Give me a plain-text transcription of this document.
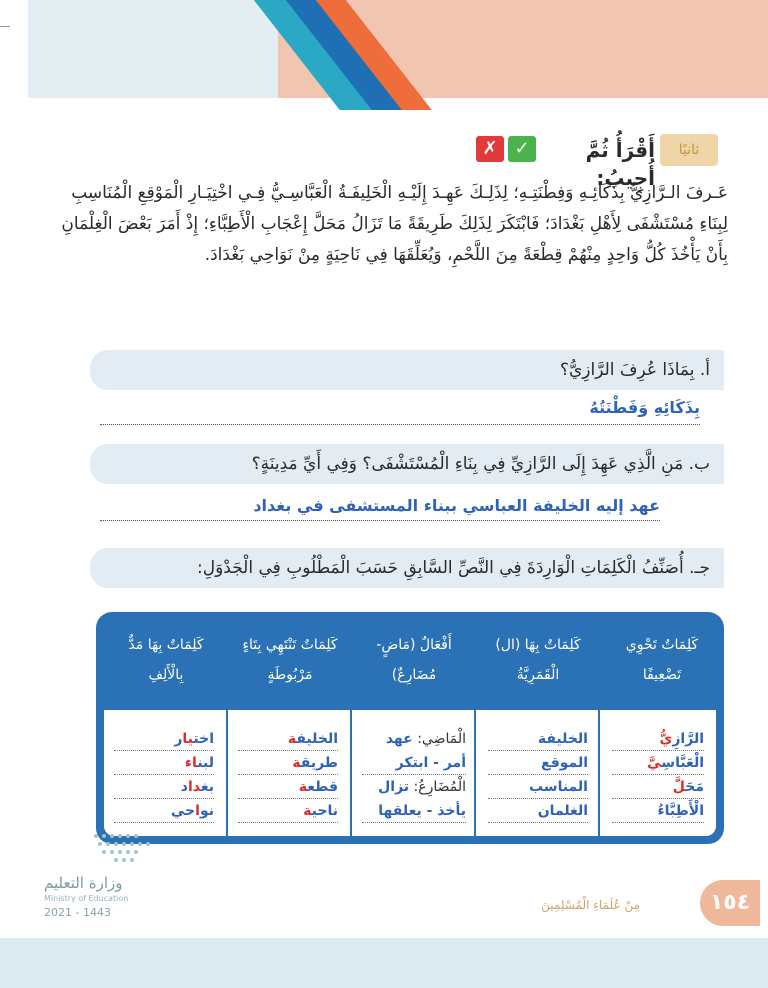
ثانيًا
أَقْرَأُ ثُمَّ أُجِيبُ:
✓
✗
عَـرفَ الـرَّازِيُّ بِذَكَائِـهِ وَفِطْنَتِـهِ؛ لِذَلِـكَ عَهِـدَ إِلَيْـهِ الْخَلِيفَـةُ الْعَبَّاسِـيُّ فِـي اخْتِيَـارِ الْمَوْقِعِ الْمُنَاسِبِ لِبِنَاءِ مُسْتَشْفَى لِأَهْلِ بَغْدَادَ؛ فَابْتَكَرَ لِذَلِكَ طَرِيقَةً مَا تَزَالُ مَحَلَّ إِعْجَابِ الْأَطِبَّاءِ؛ إِذْ أَمَرَ بَعْضَ الْغِلْمَانِ بِأَنْ يَأْخُذَ كُلُّ وَاحِدٍ مِنْهُمْ قِطْعَةً مِنَ اللَّحْمِ، وَيُعَلِّقَهَا فِي نَاحِيَةٍ مِنْ نَوَاحِي بَغْدَادَ.
أ. بِمَاذَا عُرِفَ الرَّازِيُّ؟
بِذَكَائِهِ وَفَطْنَتُهُ
ب. مَنِ الَّذِي عَهِدَ إِلَى الرَّازِيِّ فِي بِنَاءِ الْمُسْتَشْفَى؟ وَفِي أَيِّ مَدِينَةٍ؟
عهد إليه الخليفة العباسي ببناء المستشفى في بغداد
جـ. أُصَنِّفُ الْكَلِمَاتِ الْوَارِدَةَ فِي النَّصِّ السَّابِقِ حَسَبَ الْمَطْلُوبِ فِي الْجَدْوَلِ:
كَلِمَاتٌ تَحْوِي تَضْعِيفًا
كَلِمَاتٌ بِهَا (ال) الْقَمَرِيَّةُ
أَفْعَالٌ (مَاضٍ- مُضَارِعٌ)
كَلِمَاتٌ تَنْتَهِي بِتَاءٍ مَرْبُوطَةٍ
كَلِمَاتٌ بِهَا مَدٌّ بِالْأَلِفِ
الرَّازِيُّ
الْعَبَّاسِيَّ
مَحَلَّ
الْأَطِبَّاءُ
الخليفة
الموقع
المناسب
الغلمان
الْمَاضِي: عهد
أمر - ابتكر
الْمُضَارِعُ: تزال
يأخذ - يعلقها
الخليفة
طريقة
قطعة
ناحية
اختيار
لبناء
بغداد
نواحي
وزارة التعليم
Ministry of Education
2021 - 1443	١٥٤
مِنْ عُلَمَاءِ الْمُسْلِمِينَ
